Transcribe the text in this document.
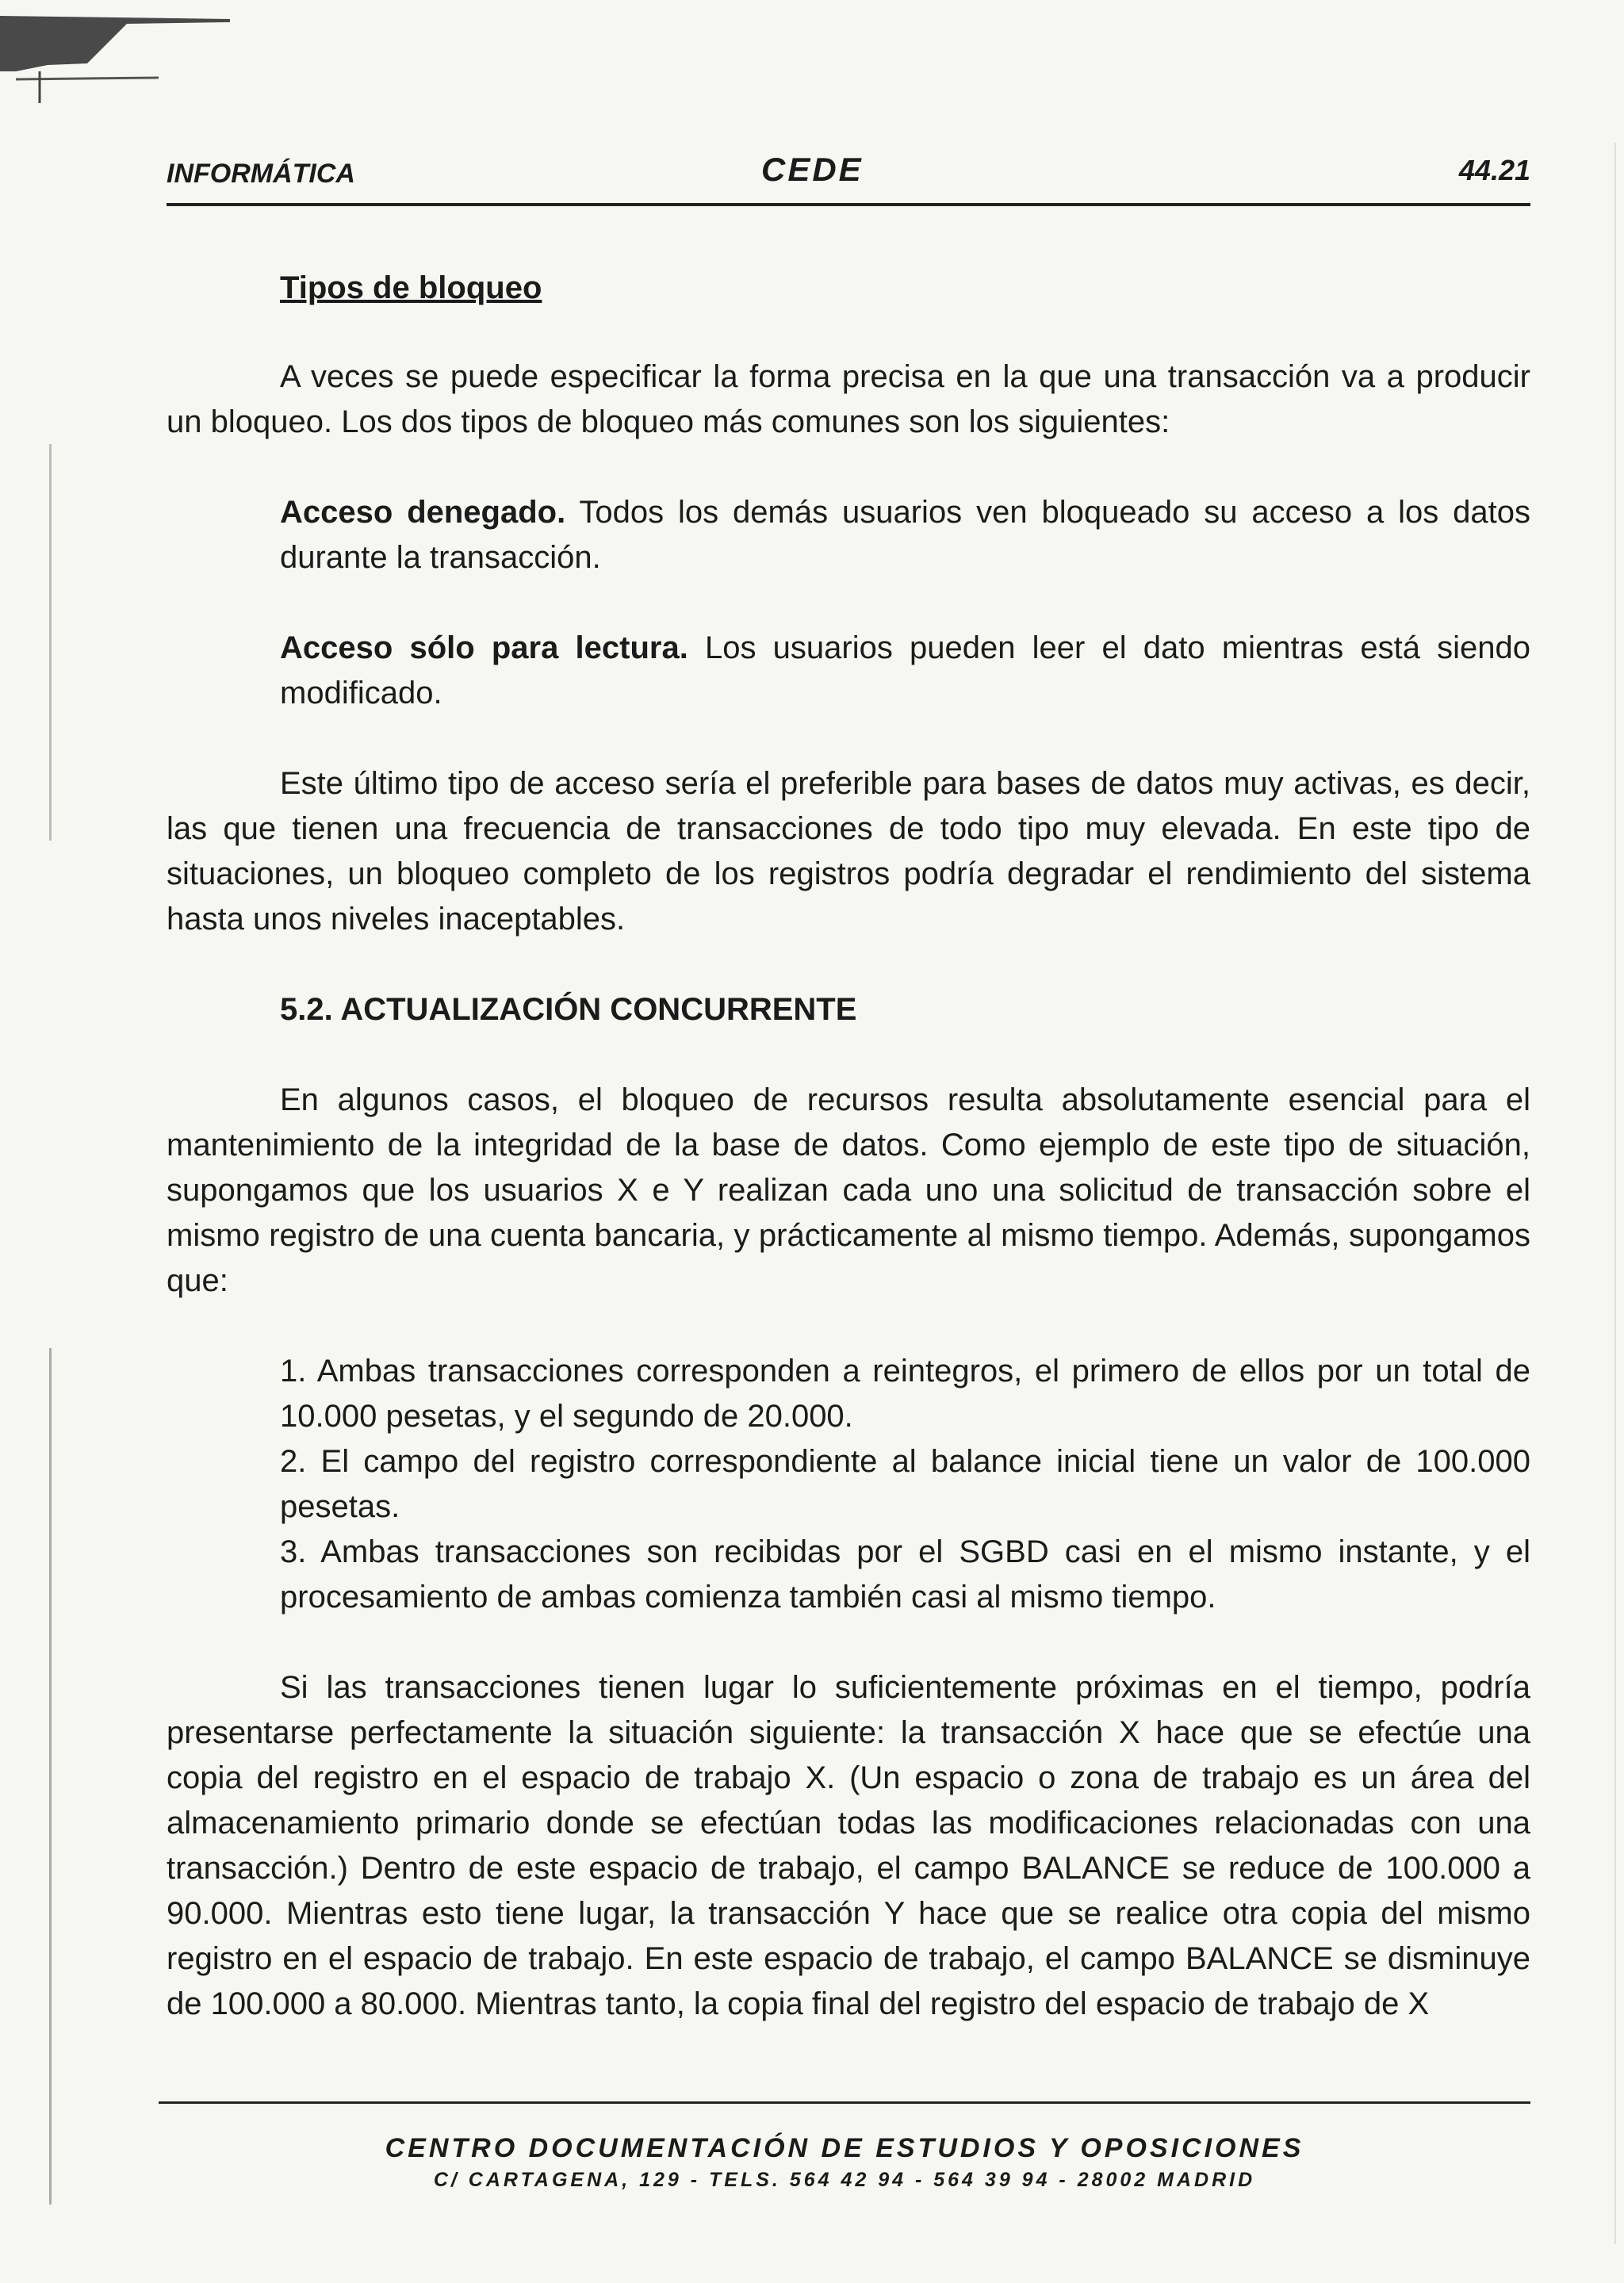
INFORMÁTICA	CEDE	44.21
Tipos de bloqueo

A veces se puede especificar la forma precisa en la que una transacción va a producir un bloqueo. Los dos tipos de bloqueo más comunes son los siguientes:

Acceso denegado. Todos los demás usuarios ven bloqueado su acceso a los datos durante la transacción.

Acceso sólo para lectura. Los usuarios pueden leer el dato mientras está siendo modificado.

Este último tipo de acceso sería el preferible para bases de datos muy activas, es decir, las que tienen una frecuencia de transacciones de todo tipo muy elevada. En este tipo de situaciones, un bloqueo completo de los registros podría degradar el rendimiento del sistema hasta unos niveles inaceptables.

5.2. ACTUALIZACIÓN CONCURRENTE

En algunos casos, el bloqueo de recursos resulta absolutamente esencial para el mantenimiento de la integridad de la base de datos. Como ejemplo de este tipo de situación, supongamos que los usuarios X e Y realizan cada uno una solicitud de transacción sobre el mismo registro de una cuenta bancaria, y prácticamente al mismo tiempo. Además, supongamos que:

1. Ambas transacciones corresponden a reintegros, el primero de ellos por un total de 10.000 pesetas, y el segundo de 20.000.
2. El campo del registro correspondiente al balance inicial tiene un valor de 100.000 pesetas.
3. Ambas transacciones son recibidas por el SGBD casi en el mismo instante, y el procesamiento de ambas comienza también casi al mismo tiempo.

Si las transacciones tienen lugar lo suficientemente próximas en el tiempo, podría presentarse perfectamente la situación siguiente: la transacción X hace que se efectúe una copia del registro en el espacio de trabajo X. (Un espacio o zona de trabajo es un área del almacenamiento primario donde se efectúan todas las modificaciones relacionadas con una transacción.) Dentro de este espacio de trabajo, el campo BALANCE se reduce de 100.000 a 90.000. Mientras esto tiene lugar, la transacción Y hace que se realice otra copia del mismo registro en el espacio de trabajo. En este espacio de trabajo, el campo BALANCE se disminuye de 100.000 a 80.000. Mientras tanto, la copia final del registro del espacio de trabajo de X

CENTRO DOCUMENTACIÓN DE ESTUDIOS Y OPOSICIONES
C/ CARTAGENA, 129 - TELS. 564 42 94 - 564 39 94 - 28002 MADRID
